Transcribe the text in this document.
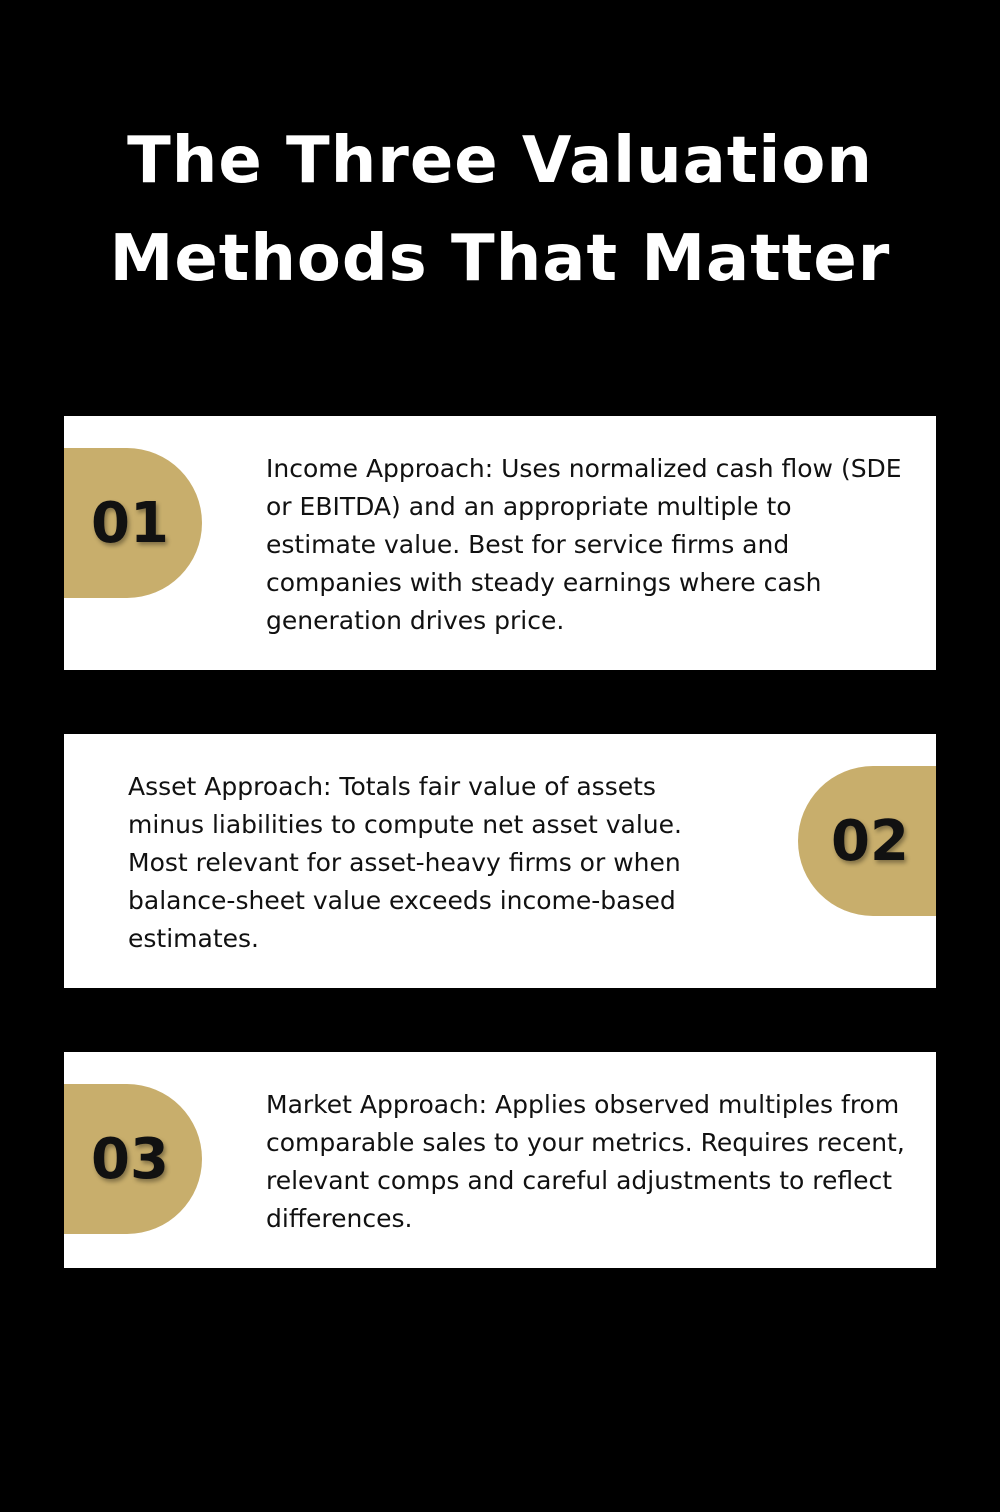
The Three Valuation
Methods That Matter
01

Income Approach: Uses normalized cash flow (SDE or EBITDA) and an appropriate multiple to estimate value. Best for service firms and companies with steady earnings where cash generation drives price.

Asset Approach: Totals fair value of assets minus liabilities to compute net asset value. Most relevant for asset-heavy firms or when balance-sheet value exceeds income-based estimates.

02
03

Market Approach: Applies observed multiples from comparable sales to your metrics. Requires recent, relevant comps and careful adjustments to reflect differences.
